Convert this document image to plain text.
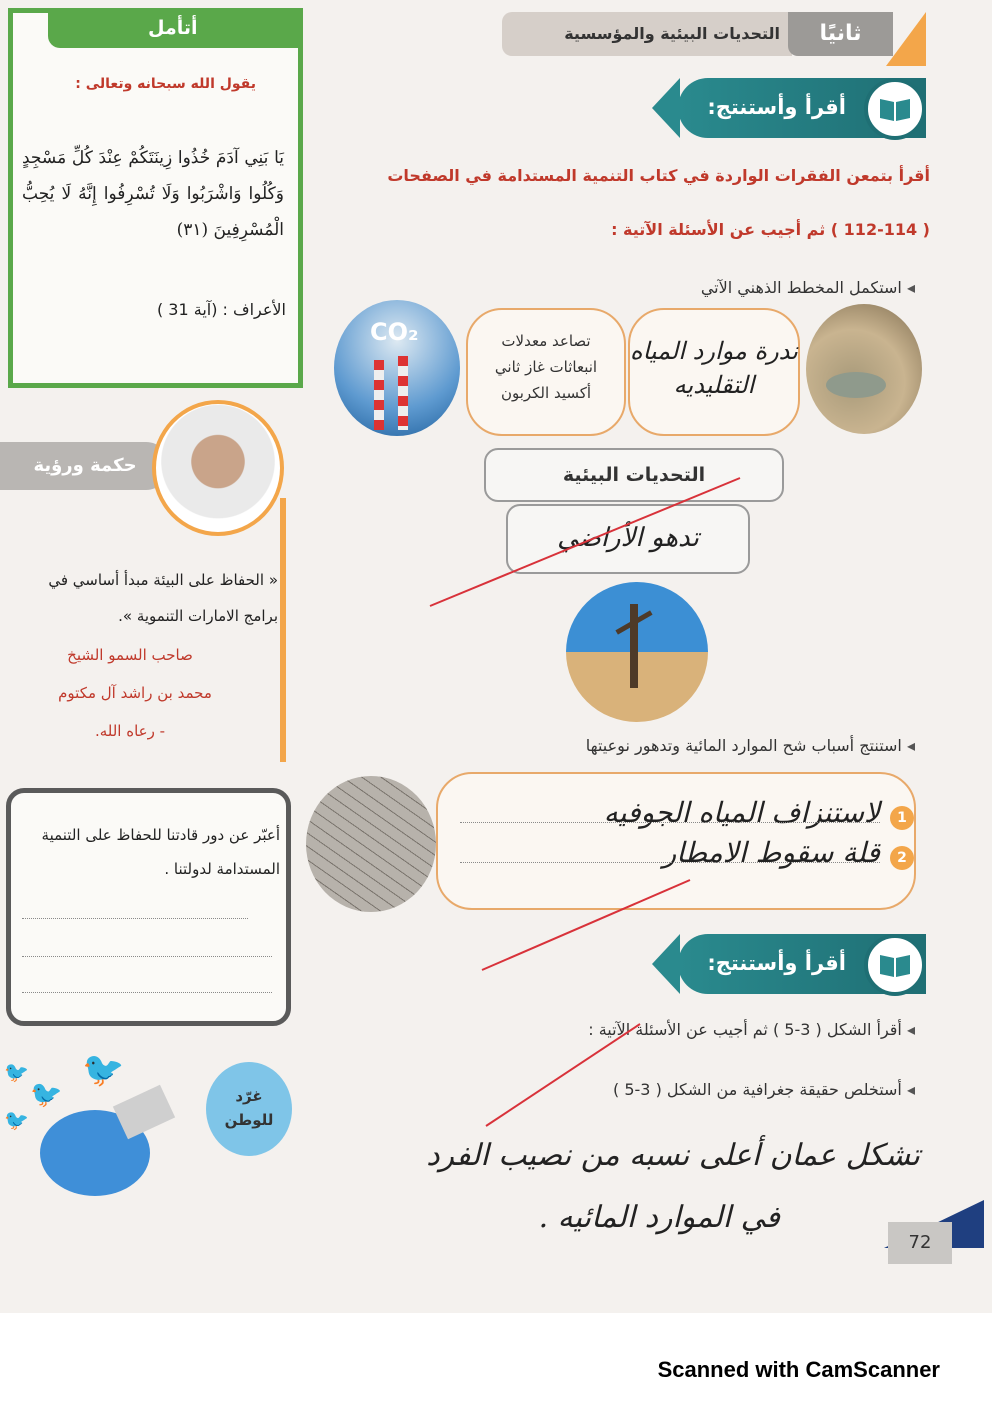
التحديات البيئية والمؤسسية	ثانيًا
أقرأ وأستنتج:
أقرأ بتمعن الفقرات الواردة في كتاب التنمية المستدامة في الصفحات
( 112-114 ) ثم أجيب عن الأسئلة الآتية :
◂ استكمل المخطط الذهني الآتي
ندرة موارد المياه التقليديه
تصاعد معدلات انبعاثات غاز ثاني أكسيد الكربون
CO₂
التحديات البيئية
تدهو الأراضي
◂ استنتج أسباب شح الموارد المائية وتدهور نوعيتها
1
لاستنزاف المياه الجوفيه
2
قلة سقوط الامطار
أقرأ وأستنتج:
◂ أقرأ الشكل ( 3-5 ) ثم أجيب عن الأسئلة الآتية :
◂ أستخلص حقيقة جغرافية من الشكل ( 3-5 )
تشكل عمان أعلى نسبه من نصيب الفرد
في الموارد المائيه .
72
أتأمل
يقول الله سبحانه وتعالى :
يَا بَنِي آدَمَ خُذُوا زِينَتَكُمْ عِنْدَ كُلِّ مَسْجِدٍ وَكُلُوا وَاشْرَبُوا وَلَا تُسْرِفُوا إِنَّهُ لَا يُحِبُّ الْمُسْرِفِينَ (٣١)
الأعراف : (آية 31 )
حكمة ورؤية
« الحفاظ على البيئة مبدأ أساسي في برامج الامارات التنموية ».
صاحب السمو الشيخ
محمد بن راشد آل مكتوم
- رعاه الله.
أعبّر عن دور قادتنا للحفاظ على التنمية المستدامة لدولتنا .
غرّد
للوطن
🐦
🐦
🐦
🐦
Scanned with CamScanner
